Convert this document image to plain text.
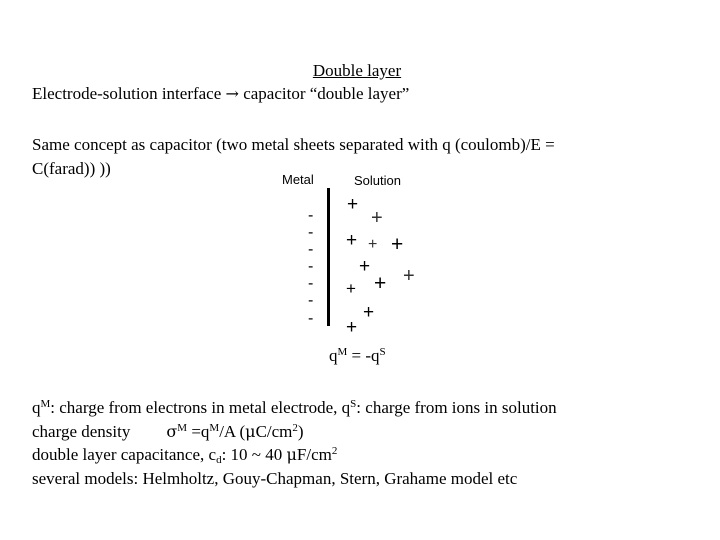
Double layer
Electrode-solution interface → capacitor “double layer”
Same concept as capacitor (two metal sheets separated with q (coulomb)/E =
C(farad)) ))
Metal	Solution
-
-
-
-
-
-
-
+
+
+ + +
+ +
+ +
+
+
$q^M = -q^S$
$q^M$: charge from electrons in metal electrode, $q^S$: charge from ions in solution
charge density $\sigma^M =q^M/A$ $(\mu C/cm^2)$
double layer capacitance, $c_d$: 10 ~ 40 $\mu F/cm^2$
several models: Helmholtz, Gouy-Chapman, Stern, Grahame model etc
